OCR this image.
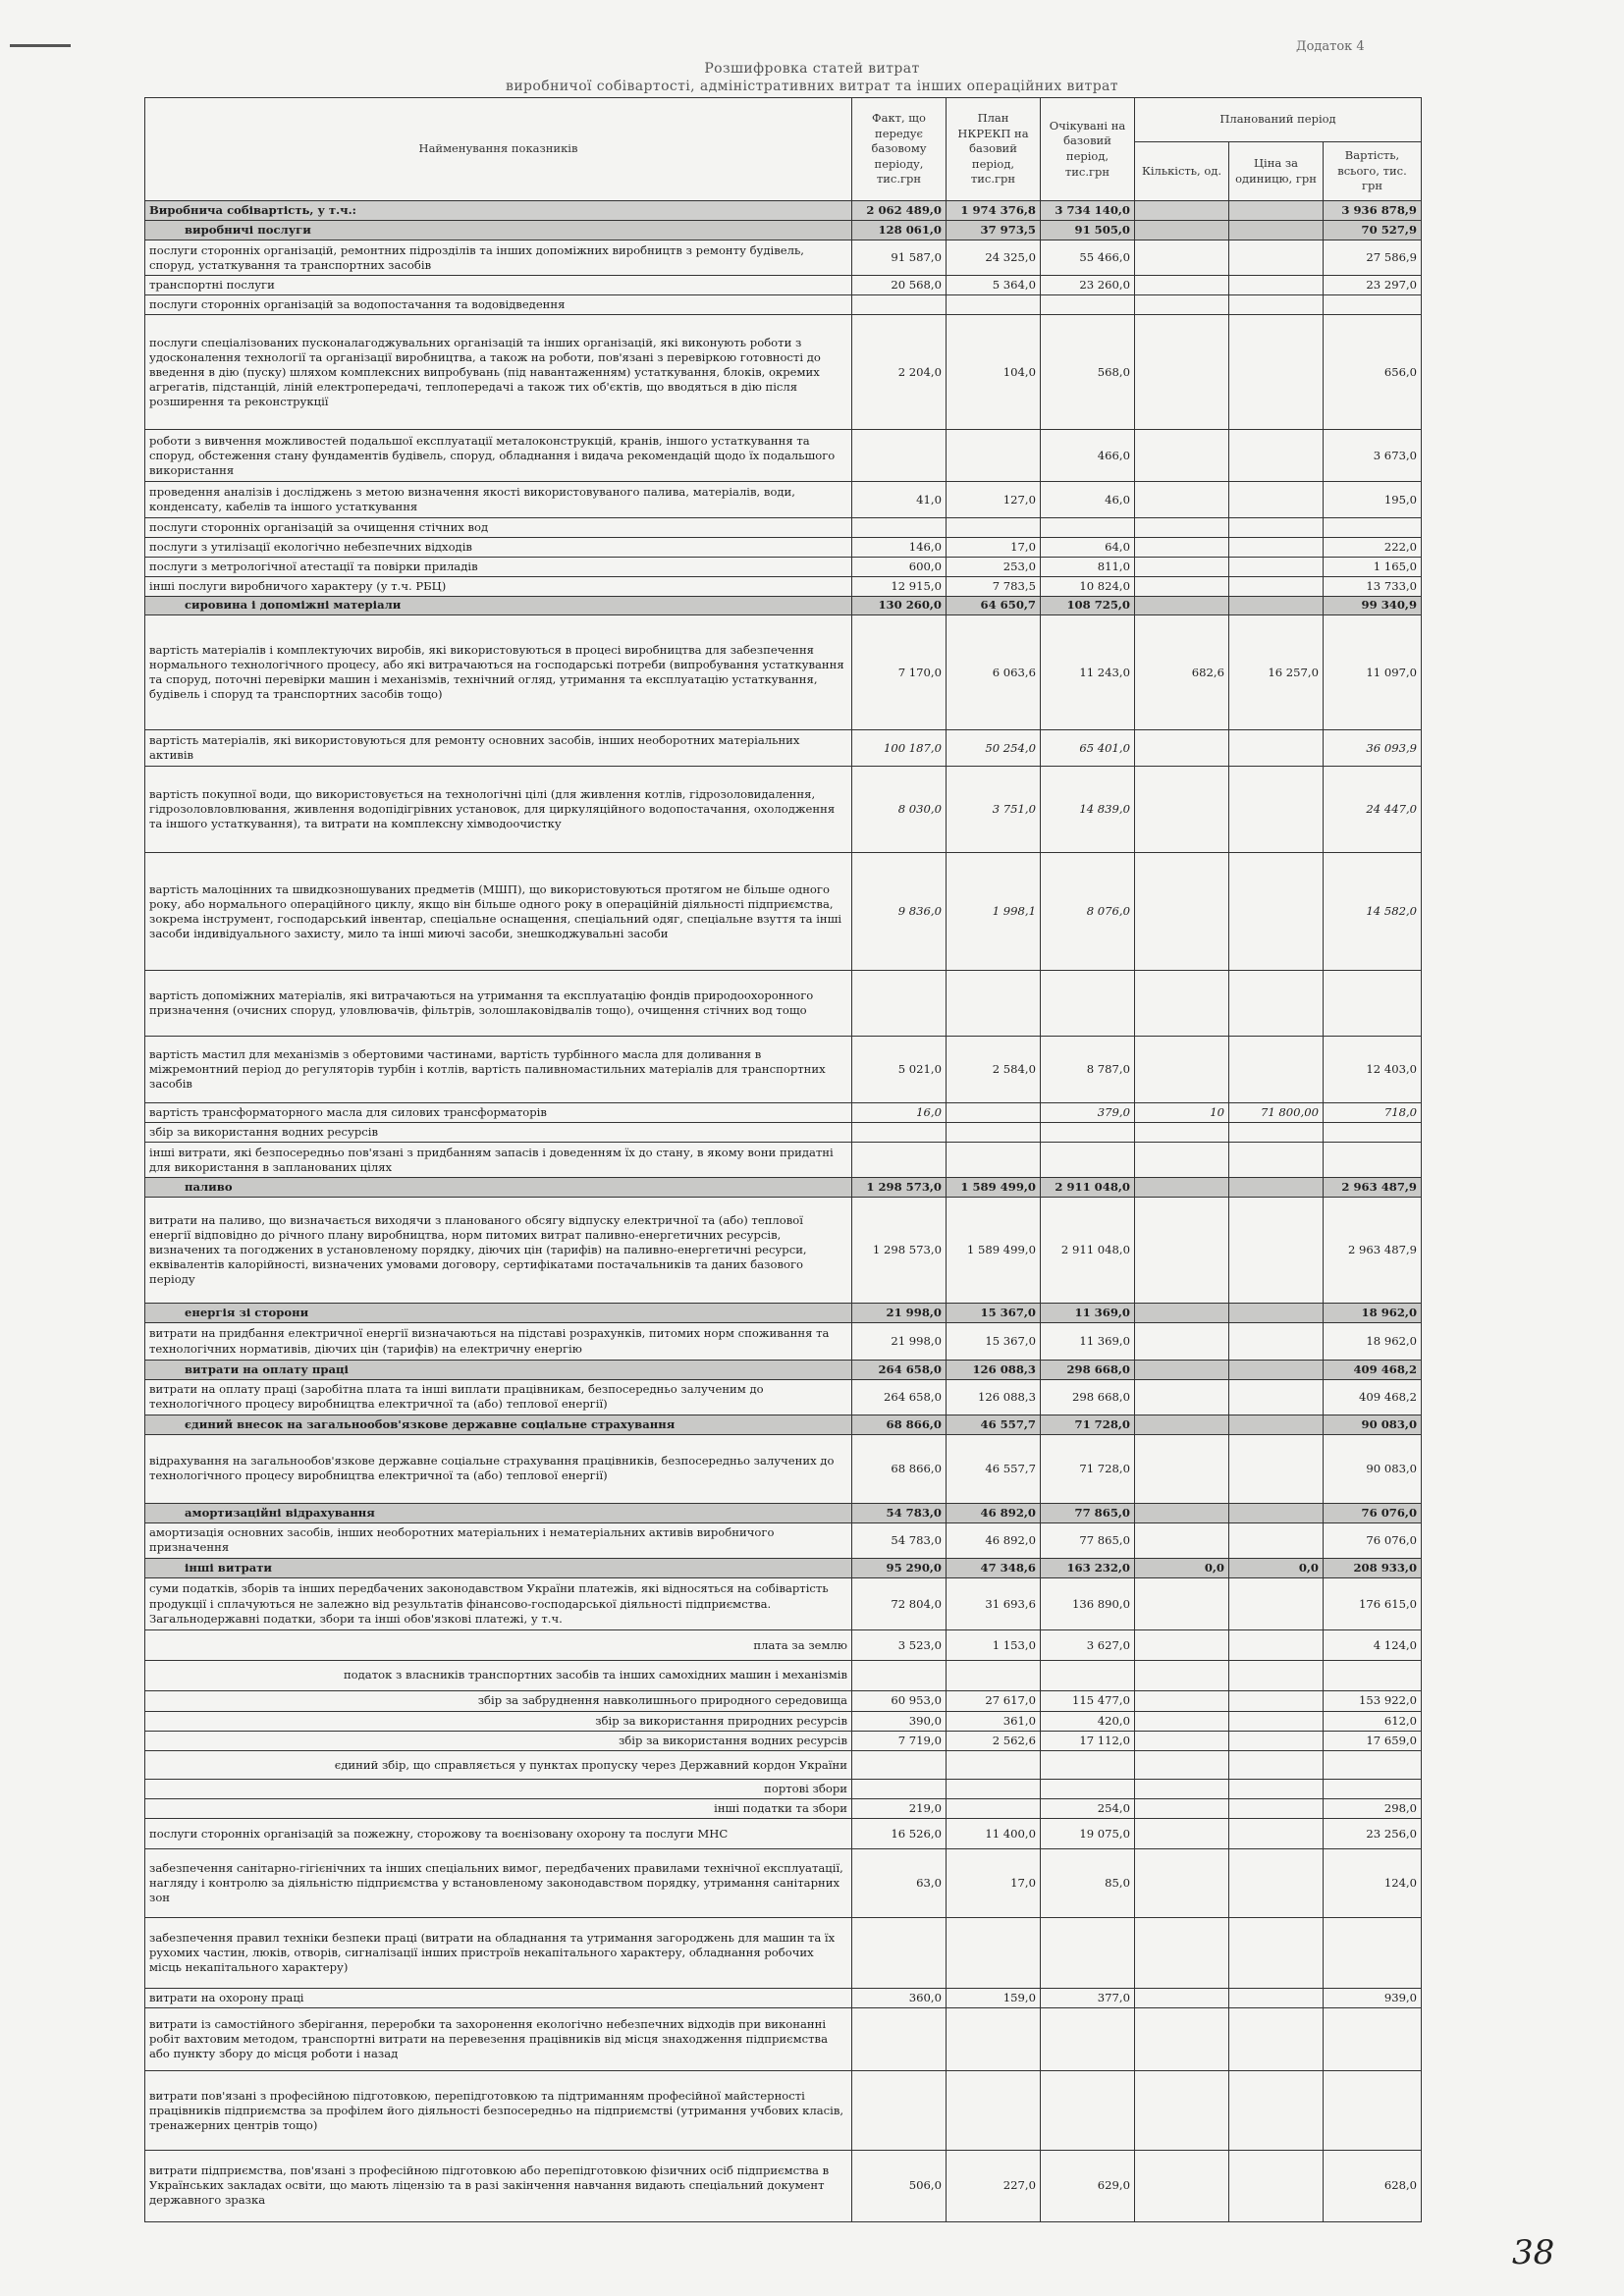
Додаток 4
Розшифровка статей витрат
виробничої собівартості, адміністративних витрат та інших операційних витрат
Найменування показників	Факт, що передує базовому періоду, тис.грн	План НКРЕКП на базовий період, тис.грн	Очікувані на базовий період, тис.грн	Планований період		
				Кількість, од.	Ціна за одиницю, грн	Вартість, всього, тис. грн
Виробнича собівартість, у т.ч.:	2 062 489,0	1 974 376,8	3 734 140,0			3 936 878,9
виробничі послуги	128 061,0	37 973,5	91 505,0			70 527,9
послуги сторонніх організацій, ремонтних підрозділів та інших допоміжних виробництв з ремонту будівель, споруд, устаткування та транспортних засобів	91 587,0	24 325,0	55 466,0			27 586,9
транспортні послуги	20 568,0	5 364,0	23 260,0			23 297,0
послуги сторонніх організацій за водопостачання та водовідведення						
послуги спеціалізованих пусконалагоджувальних організацій та інших організацій, які виконують роботи з удосконалення технології та організації виробництва, а також на роботи, пов'язані з перевіркою готовності до введення в дію (пуску) шляхом комплексних випробувань (під навантаженням) устаткування, блоків, окремих агрегатів, підстанцій, ліній електропередачі, теплопередачі а також тих об'єктів, що вводяться в дію після розширення та реконструкції	2 204,0	104,0	568,0			656,0
роботи з вивчення можливостей подальшої експлуатації металоконструкцій, кранів, іншого устаткування та споруд, обстеження стану фундаментів будівель, споруд, обладнання і видача рекомендацій щодо їх подальшого використання			466,0			3 673,0
проведення аналізів і досліджень з метою визначення якості використовуваного палива, матеріалів, води, конденсату, кабелів та іншого устаткування	41,0	127,0	46,0			195,0
послуги сторонніх організацій за очищення стічних вод						
послуги з утилізації екологічно небезпечних відходів	146,0	17,0	64,0			222,0
послуги з метрологічної атестації та повірки приладів	600,0	253,0	811,0			1 165,0
інші послуги виробничого характеру (у т.ч. РБЦ)	12 915,0	7 783,5	10 824,0			13 733,0
сировина і допоміжні матеріали	130 260,0	64 650,7	108 725,0			99 340,9
вартість матеріалів і комплектуючих виробів, які використовуються в процесі виробництва для забезпечення нормального технологічного процесу, або які витрачаються на господарські потреби (випробування устаткування та споруд, поточні перевірки машин і механізмів, технічний огляд, утримання та експлуатацію устаткування, будівель і споруд та транспортних засобів тощо)	7 170,0	6 063,6	11 243,0	682,6	16 257,0	11 097,0
вартість матеріалів, які використовуються для ремонту основних засобів, інших необоротних матеріальних активів	100 187,0	50 254,0	65 401,0			36 093,9
вартість покупної води, що використовується на технологічні цілі (для живлення котлів, гідрозоловидалення, гідрозоловловлювання, живлення водопідігрівних установок, для циркуляційного водопостачання, охолодження та іншого устаткування), та витрати на комплексну хімводоочистку	8 030,0	3 751,0	14 839,0			24 447,0
вартість малоцінних та швидкозношуваних предметів (МШП), що використовуються протягом не більше одного року, або нормального операційного циклу, якщо він більше одного року в операційній діяльності підприємства, зокрема інструмент, господарський інвентар, спеціальне оснащення, спеціальний одяг, спеціальне взуття та інші засоби індивідуального захисту, мило та інші миючі засоби, знешкоджувальні засоби	9 836,0	1 998,1	8 076,0			14 582,0
вартість допоміжних матеріалів, які витрачаються на утримання та експлуатацію фондів природоохоронного призначення (очисних споруд, уловлювачів, фільтрів, золошлаковідвалів тощо), очищення стічних вод тощо						
вартість мастил для механізмів з обертовими частинами, вартість турбінного масла для доливання в міжремонтний період до регуляторів турбін і котлів, вартість паливномастильних матеріалів для транспортних засобів	5 021,0	2 584,0	8 787,0			12 403,0
вартість трансформаторного масла для силових трансформаторів	16,0		379,0	10	71 800,00	718,0
збір за використання водних ресурсів						
інші витрати, які безпосередньо пов'язані з придбанням запасів і доведенням їх до стану, в якому вони придатні для використання в запланованих цілях						
паливо	1 298 573,0	1 589 499,0	2 911 048,0			2 963 487,9
витрати на паливо, що визначається виходячи з планованого обсягу відпуску електричної та (або) теплової енергії відповідно до річного плану виробництва, норм питомих витрат паливно-енергетичних ресурсів, визначених та погоджених в установленому порядку, діючих цін (тарифів) на паливно-енергетичні ресурси, еквівалентів калорійності, визначених умовами договору, сертифікатами постачальників та даних базового періоду	1 298 573,0	1 589 499,0	2 911 048,0			2 963 487,9
енергія зі сторони	21 998,0	15 367,0	11 369,0			18 962,0
витрати на придбання електричної енергії визначаються на підставі розрахунків, питомих норм споживання та технологічних нормативів, діючих цін (тарифів) на електричну енергію	21 998,0	15 367,0	11 369,0			18 962,0
витрати на оплату праці	264 658,0	126 088,3	298 668,0			409 468,2
витрати на оплату праці (заробітна плата та інші виплати працівникам, безпосередньо залученим до технологічного процесу виробництва електричної та (або) теплової енергії)	264 658,0	126 088,3	298 668,0			409 468,2
єдиний внесок на загальнообов'язкове державне соціальне страхування	68 866,0	46 557,7	71 728,0			90 083,0
відрахування на загальнообов'язкове державне соціальне страхування працівників, безпосередньо залучених до технологічного процесу виробництва електричної та (або) теплової енергії)	68 866,0	46 557,7	71 728,0			90 083,0
амортизаційні відрахування	54 783,0	46 892,0	77 865,0			76 076,0
амортизація основних засобів, інших необоротних матеріальних і нематеріальних активів виробничого призначення	54 783,0	46 892,0	77 865,0			76 076,0
інші витрати	95 290,0	47 348,6	163 232,0	0,0	0,0	208 933,0
суми податків, зборів та інших передбачених законодавством України платежів, які відносяться на собівартість продукції і сплачуються не залежно від результатів фінансово-господарської діяльності підприємства. Загальнодержавні податки, збори та інші обов'язкові платежі, у т.ч.	72 804,0	31 693,6	136 890,0			176 615,0
плата за землю	3 523,0	1 153,0	3 627,0			4 124,0
податок з власників транспортних засобів та інших самохідних машин і механізмів						
збір за забруднення навколишнього природного середовища	60 953,0	27 617,0	115 477,0			153 922,0
збір за використання природних ресурсів	390,0	361,0	420,0			612,0
збір за використання водних ресурсів	7 719,0	2 562,6	17 112,0			17 659,0
єдиний збір, що справляється у пунктах пропуску через Державний кордон України						
портові збори						
інші податки та збори	219,0		254,0			298,0
послуги сторонніх організацій за пожежну, сторожову та воєнізовану охорону та послуги МНС	16 526,0	11 400,0	19 075,0			23 256,0
забезпечення санітарно-гігієнічних та інших спеціальних вимог, передбачених правилами технічної експлуатації, нагляду і контролю за діяльністю підприємства у встановленому законодавством порядку, утримання санітарних зон	63,0	17,0	85,0			124,0
забезпечення правил техніки безпеки праці (витрати на обладнання та утримання загороджень для машин та їх рухомих частин, люків, отворів, сигналізації інших пристроїв некапітального характеру, обладнання робочих місць некапітального характеру)						
витрати на охорону праці	360,0	159,0	377,0			939,0
витрати із самостійного зберігання, переробки та захоронення екологічно небезпечних відходів при виконанні робіт вахтовим методом, транспортні витрати на перевезення працівників від місця знаходження підприємства або пункту збору до місця роботи і назад						
витрати пов'язані з професійною підготовкою, перепідготовкою та підтриманням професійної майстерності працівників підприємства за профілем його діяльності безпосередньо на підприємстві (утримання учбових класів, тренажерних центрів тощо)						
витрати підприємства, пов'язані з професійною підготовкою або перепідготовкою фізичних осіб підприємства в Українських закладах освіти, що мають ліцензію та в разі закінчення навчання видають спеціальний документ державного зразка	506,0	227,0	629,0			628,0
38
